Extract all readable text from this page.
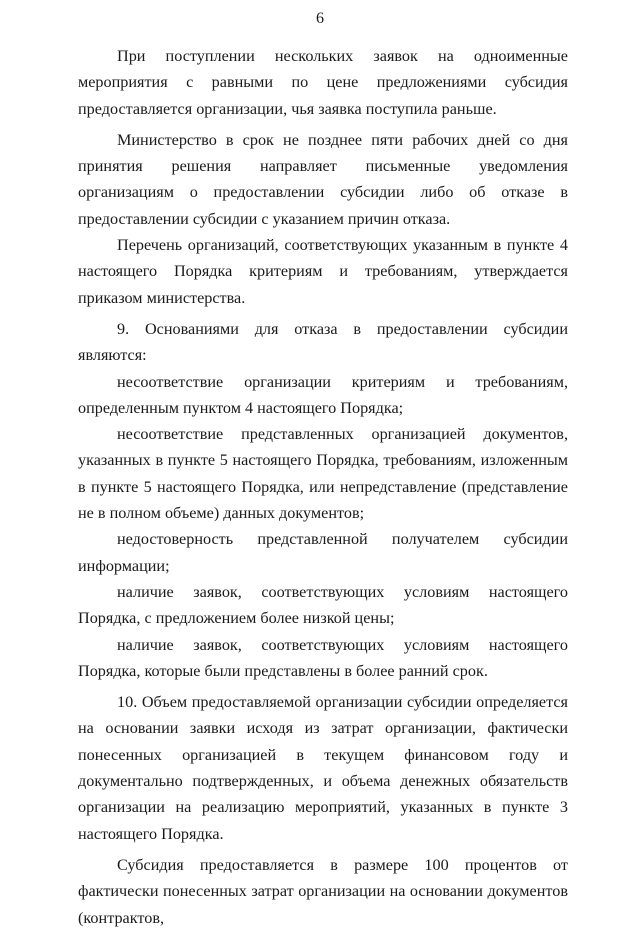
6

При поступлении нескольких заявок на одноименные мероприятия с равными по цене предложениями субсидия предоставляется организации, чья заявка поступила раньше.

Министерство в срок не позднее пяти рабочих дней со дня принятия решения направляет письменные уведомления организациям о предоставлении субсидии либо об отказе в предоставлении субсидии с указанием причин отказа.

Перечень организаций, соответствующих указанным в пункте 4 настоящего Порядка критериям и требованиям, утверждается приказом министерства.

9. Основаниями для отказа в предоставлении субсидии являются:

несоответствие организации критериям и требованиям, определенным пунктом 4 настоящего Порядка;

несоответствие представленных организацией документов, указанных в пункте 5 настоящего Порядка, требованиям, изложенным в пункте 5 настоящего Порядка, или непредставление (представление не в полном объеме) данных документов;

недостоверность представленной получателем субсидии информации;

наличие заявок, соответствующих условиям настоящего Порядка, с предложением более низкой цены;

наличие заявок, соответствующих условиям настоящего Порядка, которые были представлены в более ранний срок.

10. Объем предоставляемой организации субсидии определяется на основании заявки исходя из затрат организации, фактически понесенных организацией в текущем финансовом году и документально подтвержденных, и объема денежных обязательств организации на реализацию мероприятий, указанных в пункте 3 настоящего Порядка.

Субсидия предоставляется в размере 100 процентов от фактически понесенных затрат организации на основании документов (контрактов,
